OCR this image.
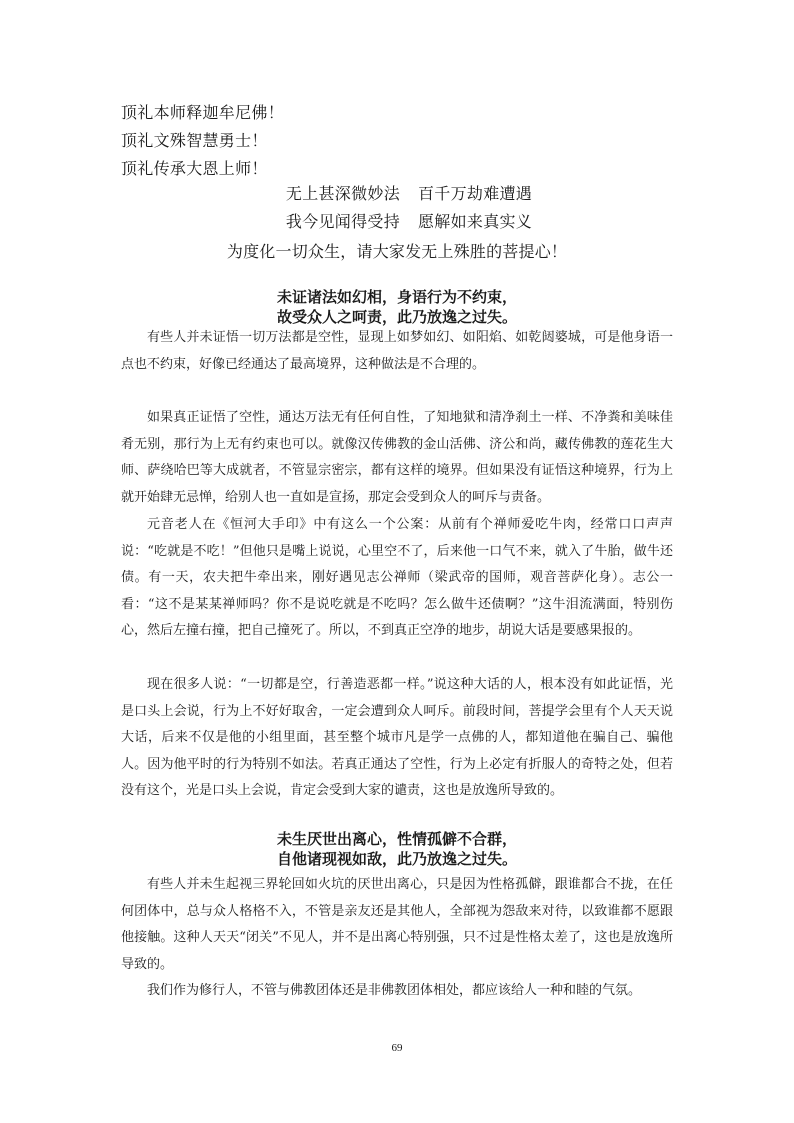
顶礼本师释迦牟尼佛！
顶礼文殊智慧勇士！
顶礼传承大恩上师！
无上甚深微妙法 百千万劫难遭遇
我今见闻得受持 愿解如来真实义
为度化一切众生，请大家发无上殊胜的菩提心！
未证诸法如幻相，身语行为不约束，
故受众人之呵责，此乃放逸之过失。

有些人并未证悟一切万法都是空性，显现上如梦如幻、如阳焰、如乾闼婆城，可是他身语一点也不约束，好像已经通达了最高境界，这种做法是不合理的。

如果真正证悟了空性，通达万法无有任何自性，了知地狱和清净刹土一样、不净粪和美味佳肴无别，那行为上无有约束也可以。就像汉传佛教的金山活佛、济公和尚，藏传佛教的莲花生大师、萨绕哈巴等大成就者，不管显宗密宗，都有这样的境界。但如果没有证悟这种境界，行为上就开始肆无忌惮，给别人也一直如是宣扬，那定会受到众人的呵斥与责备。

元音老人在《恒河大手印》中有这么一个公案：从前有个禅师爱吃牛肉，经常口口声声说：“吃就是不吃！”但他只是嘴上说说，心里空不了，后来他一口气不来，就入了牛胎，做牛还债。有一天，农夫把牛牵出来，刚好遇见志公禅师（梁武帝的国师，观音菩萨化身）。志公一看：“这不是某某禅师吗？你不是说吃就是不吃吗？怎么做牛还债啊？”这牛泪流满面，特别伤心，然后左撞右撞，把自己撞死了。所以，不到真正空净的地步，胡说大话是要感果报的。

现在很多人说：“一切都是空，行善造恶都一样。”说这种大话的人，根本没有如此证悟，光是口头上会说，行为上不好好取舍，一定会遭到众人呵斥。前段时间，菩提学会里有个人天天说大话，后来不仅是他的小组里面，甚至整个城市凡是学一点佛的人，都知道他在骗自己、骗他人。因为他平时的行为特别不如法。若真正通达了空性，行为上必定有折服人的奇特之处，但若没有这个，光是口头上会说，肯定会受到大家的谴责，这也是放逸所导致的。

未生厌世出离心，性情孤僻不合群，
自他诸现视如敌，此乃放逸之过失。

有些人并未生起视三界轮回如火坑的厌世出离心，只是因为性格孤僻，跟谁都合不拢，在任何团体中，总与众人格格不入，不管是亲友还是其他人，全部视为怨敌来对待，以致谁都不愿跟他接触。这种人天天“闭关”不见人，并不是出离心特别强，只不过是性格太差了，这也是放逸所导致的。

我们作为修行人，不管与佛教团体还是非佛教团体相处，都应该给人一种和睦的气氛。

69
